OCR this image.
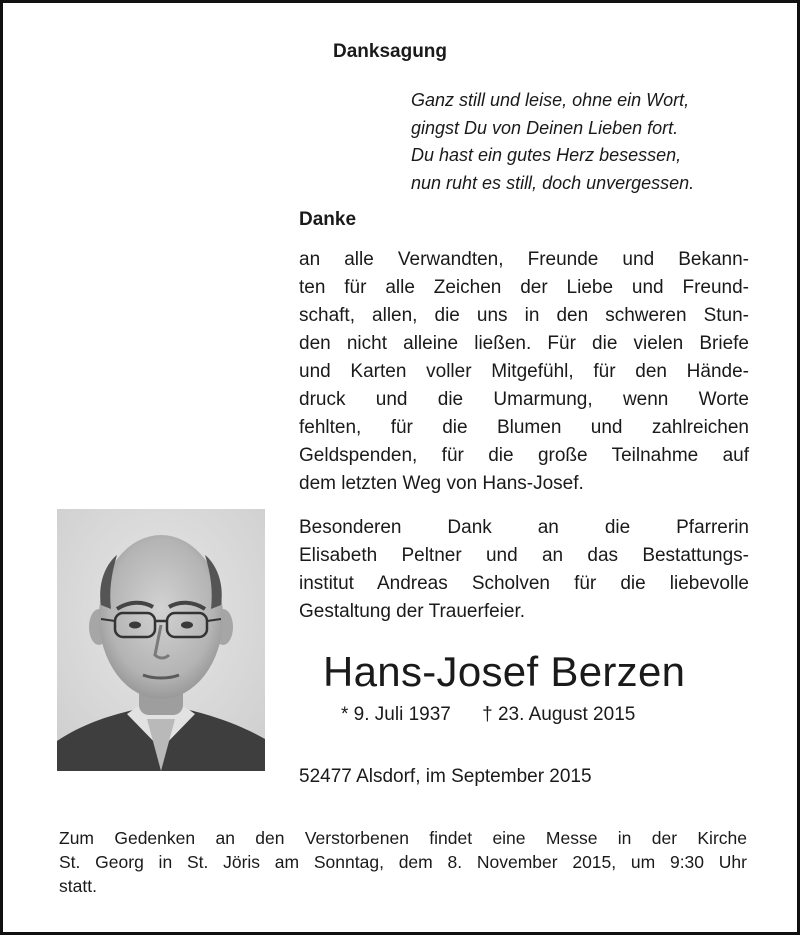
Danksagung
Ganz still und leise, ohne ein Wort,
gingst Du von Deinen Lieben fort.
Du hast ein gutes Herz besessen,
nun ruht es still, doch unvergessen.
Danke
an alle Verwandten, Freunde und Bekann-
ten für alle Zeichen der Liebe und Freund-
schaft, allen, die uns in den schweren Stun-
den nicht alleine ließen. Für die vielen Briefe
und Karten voller Mitgefühl, für den Hände-
druck und die Umarmung, wenn Worte
fehlten, für die Blumen und zahlreichen
Geldspenden, für die große Teilnahme auf
dem letzten Weg von Hans-Josef.
Besonderen Dank an die Pfarrerin
Elisabeth Peltner und an das Bestattungs-
institut Andreas Scholven für die liebevolle
Gestaltung der Trauerfeier.
Hans-Josef Berzen
* 9. Juli 1937 † 23. August 2015
52477 Alsdorf, im September 2015
Zum Gedenken an den Verstorbenen findet eine Messe in der Kirche
St. Georg in St. Jöris am Sonntag, dem 8. November 2015, um 9:30 Uhr
statt.
